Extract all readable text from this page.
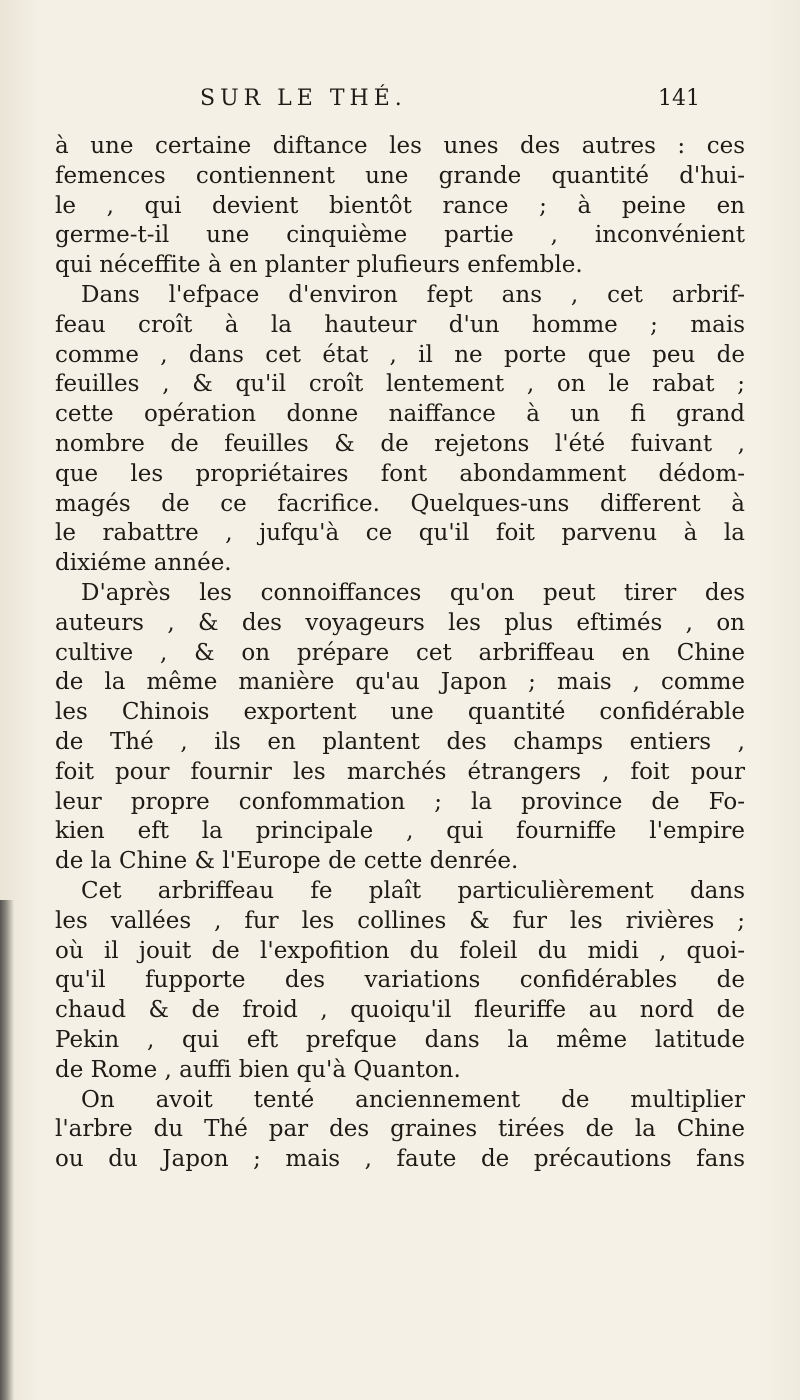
SUR LE THÉ.	141
à une certaine diftance les unes des autres : ces
femences contiennent une grande quantité d'hui-
le , qui devient bientôt rance ; à peine en
germe-t-il une cinquième partie , inconvénient
qui néceffite à en planter plufieurs enfemble.
Dans l'efpace d'environ fept ans , cet arbrif-
feau croît à la hauteur d'un homme ; mais
comme , dans cet état , il ne porte que peu de
feuilles , & qu'il croît lentement , on le rabat ;
cette opération donne naiffance à un fi grand
nombre de feuilles & de rejetons l'été fuivant ,
que les propriétaires font abondamment dédom-
magés de ce facrifice. Quelques-uns different à
le rabattre , jufqu'à ce qu'il foit parvenu à la
dixiéme année.
D'après les connoiffances qu'on peut tirer des
auteurs , & des voyageurs les plus eftimés , on
cultive , & on prépare cet arbriffeau en Chine
de la même manière qu'au Japon ; mais , comme
les Chinois exportent une quantité confidérable
de Thé , ils en plantent des champs entiers ,
foit pour fournir les marchés étrangers , foit pour
leur propre confommation ; la province de Fo-
kien eft la principale , qui fourniffe l'empire
de la Chine & l'Europe de cette denrée.
Cet arbriffeau fe plaît particulièrement dans
les vallées , fur les collines & fur les rivières ;
où il jouit de l'expofition du foleil du midi , quoi-
qu'il fupporte des variations confidérables de
chaud & de froid , quoiqu'il fleuriffe au nord de
Pekin , qui eft prefque dans la même latitude
de Rome , auffi bien qu'à Quanton.
On avoit tenté anciennement de multiplier
l'arbre du Thé par des graines tirées de la Chine
ou du Japon ; mais , faute de précautions fans
